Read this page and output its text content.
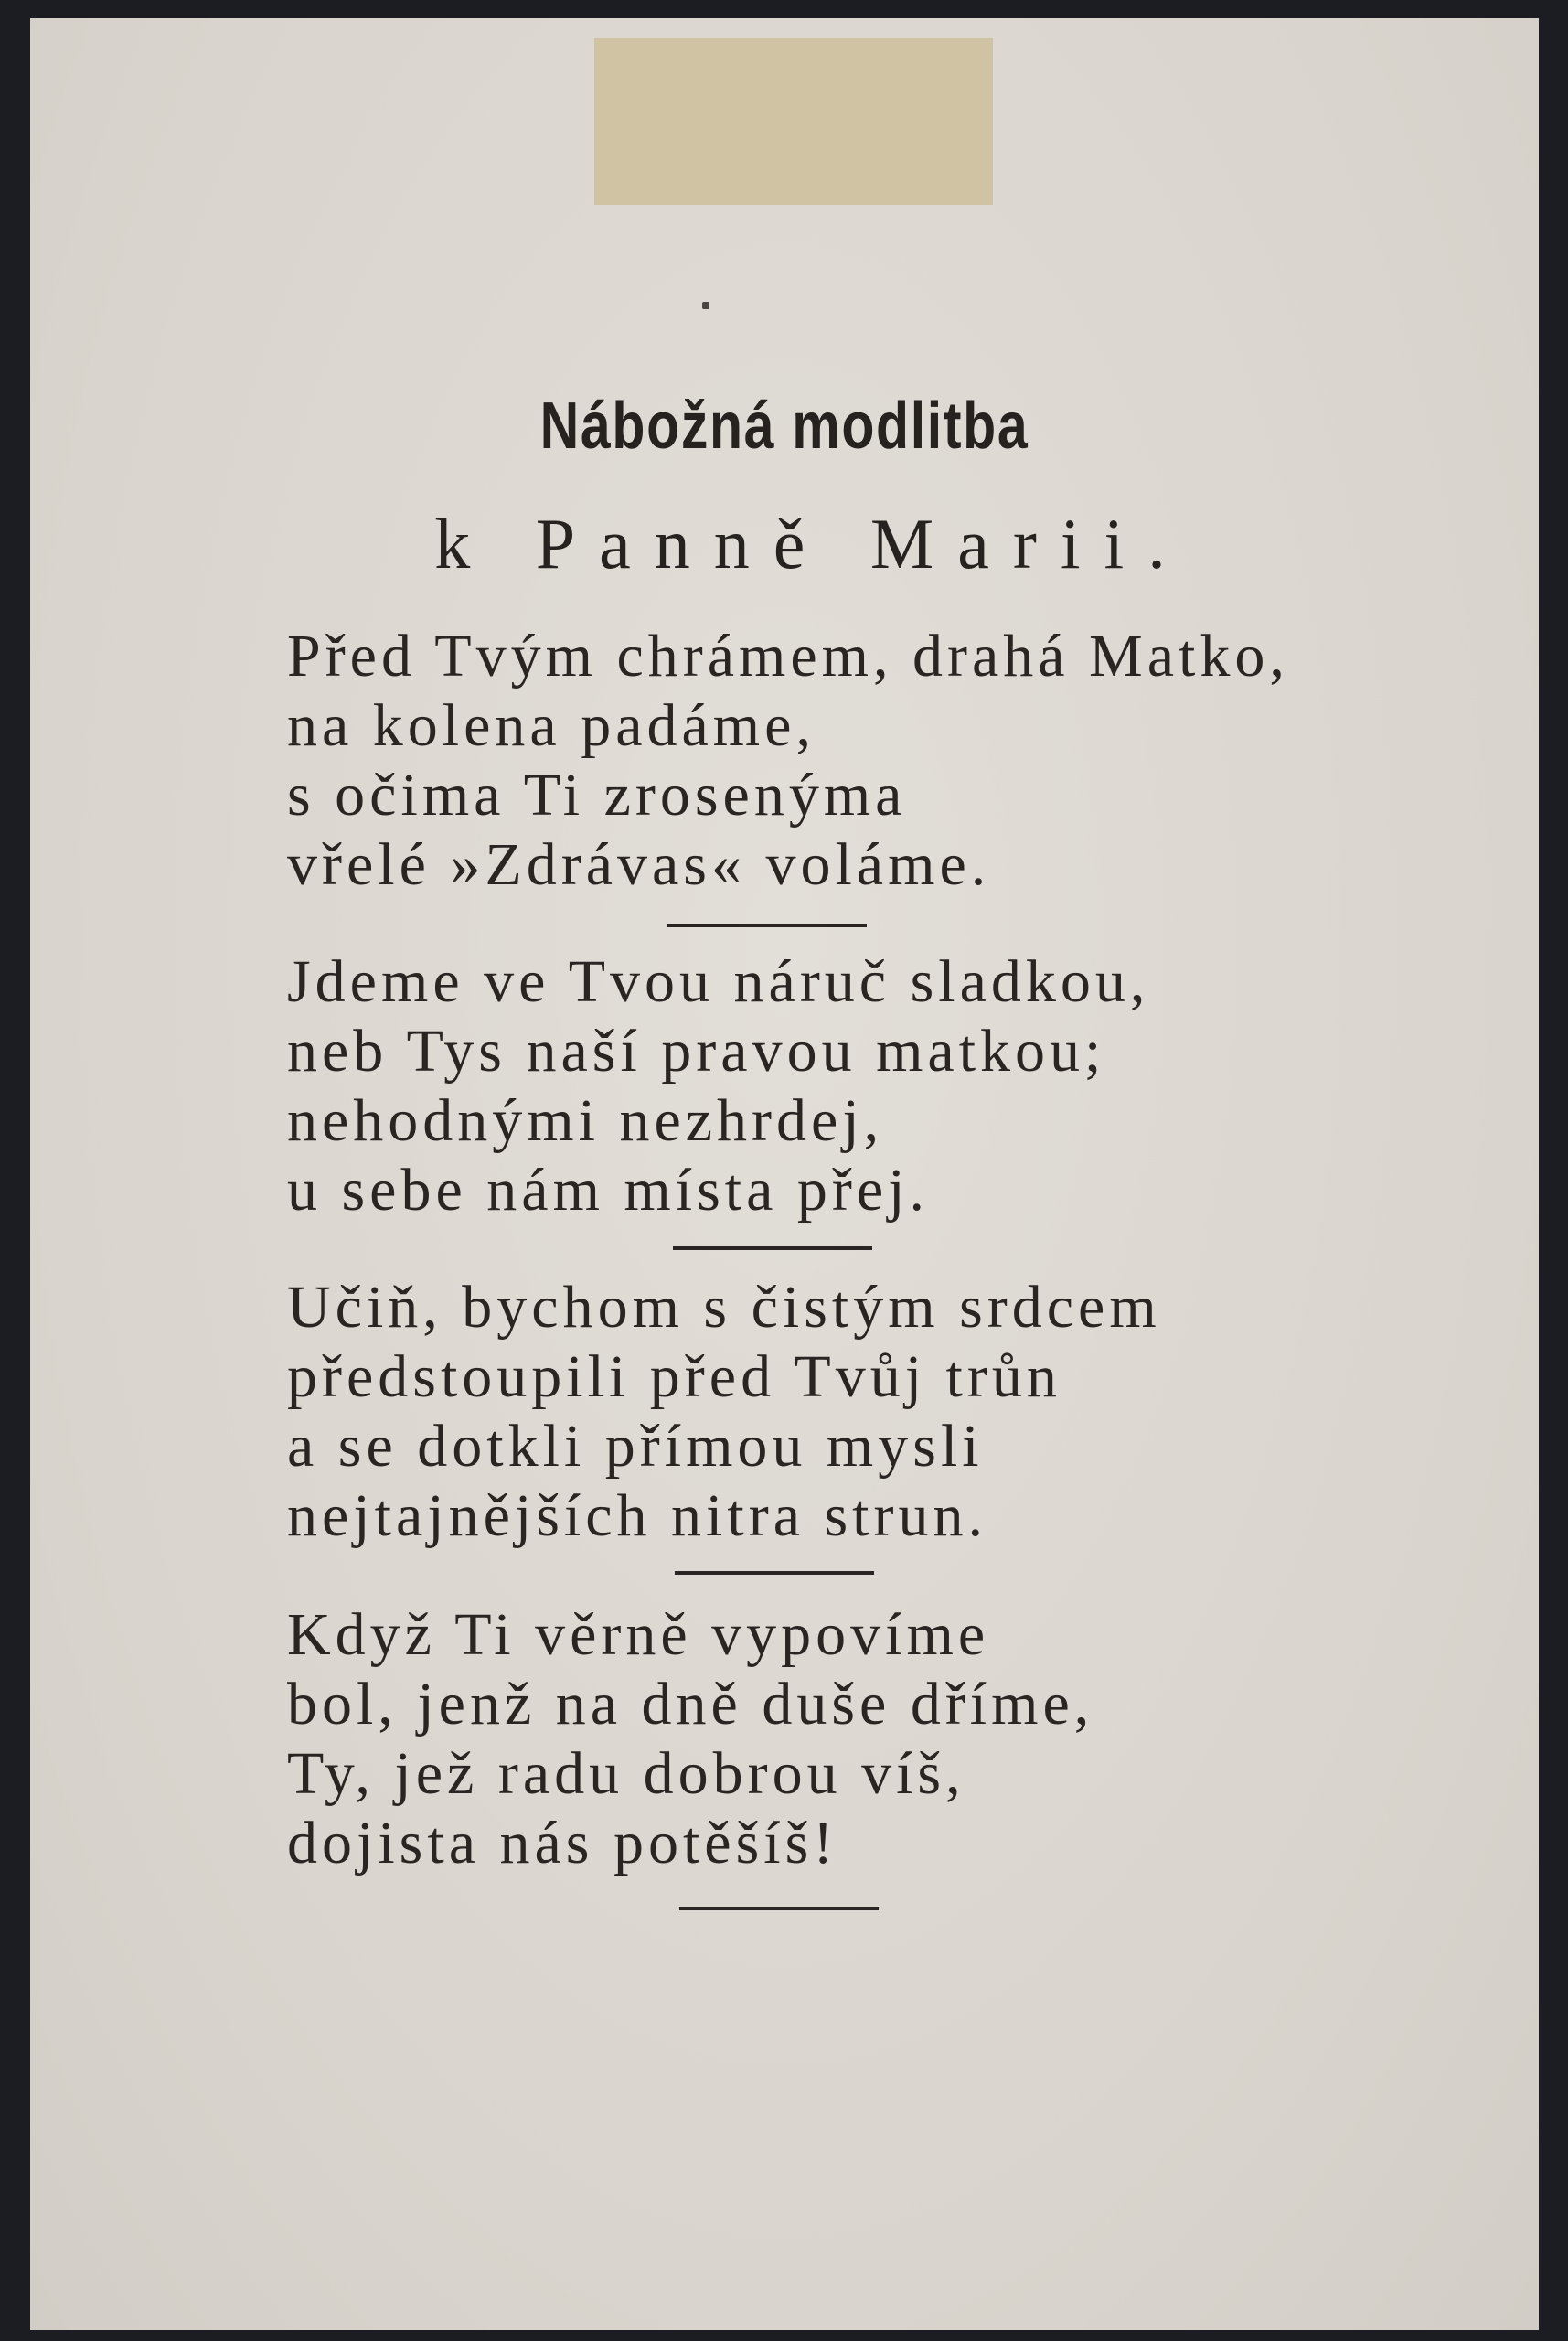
Nábožná modlitba
k Panně Marii.
Před Tvým chrámem, drahá Matko,
na kolena padáme,
s očima Ti zrosenýma
vřelé »Zdrávas« voláme.
Jdeme ve Tvou náruč sladkou,
neb Tys naší pravou matkou;
nehodnými nezhrdej,
u sebe nám místa přej.
Učiň, bychom s čistým srdcem
předstoupili před Tvůj trůn
a se dotkli přímou mysli
nejtajnějších nitra strun.
Když Ti věrně vypovíme
bol, jenž na dně duše dříme,
Ty, jež radu dobrou víš,
dojista nás potěšíš!
